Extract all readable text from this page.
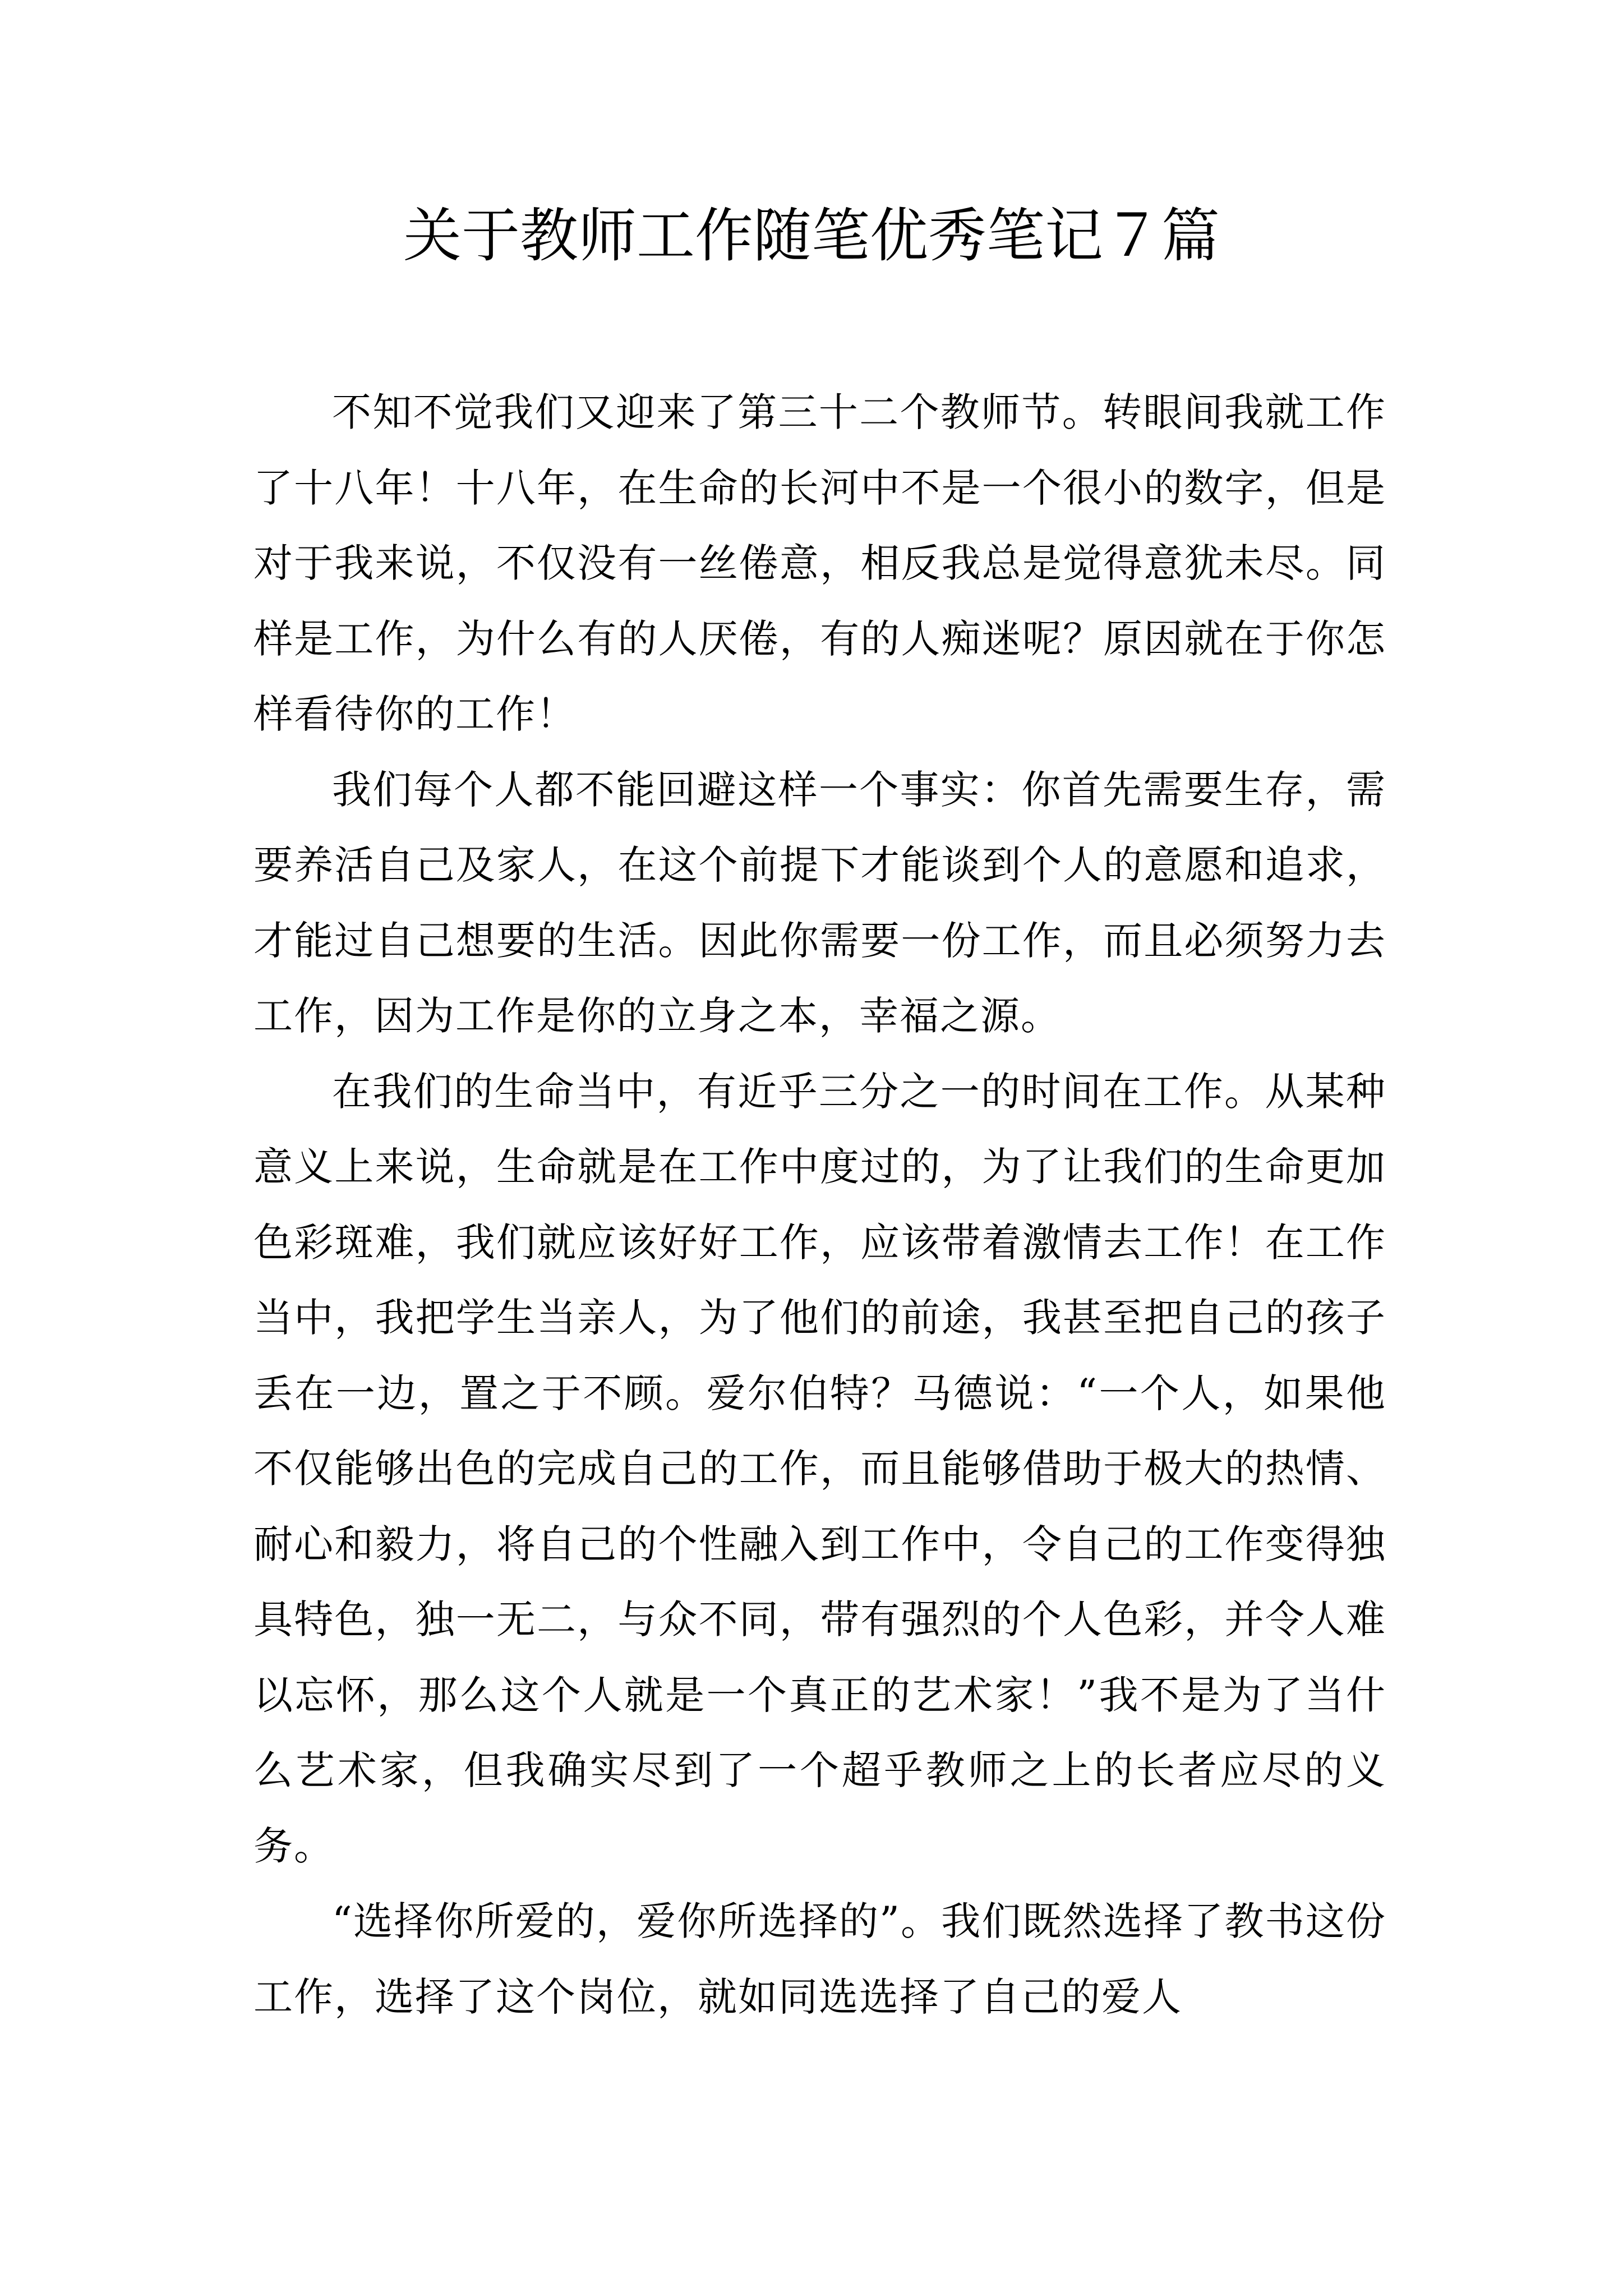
关于教师工作随笔优秀笔记７篇

不知不觉我们又迎来了第三十二个教师节。转眼间我就工作了十八年！十八年，在生命的长河中不是一个很小的数字，但是对于我来说，不仅没有一丝倦意，相反我总是觉得意犹未尽。同样是工作，为什么有的人厌倦，有的人痴迷呢？原因就在于你怎样看待你的工作！

我们每个人都不能回避这样一个事实：你首先需要生存，需要养活自己及家人，在这个前提下才能谈到个人的意愿和追求，才能过自己想要的生活。因此你需要一份工作，而且必须努力去工作，因为工作是你的立身之本，幸福之源。

在我们的生命当中，有近乎三分之一的时间在工作。从某种意义上来说，生命就是在工作中度过的，为了让我们的生命更加色彩斑难，我们就应该好好工作，应该带着激情去工作！在工作当中，我把学生当亲人，为了他们的前途，我甚至把自己的孩子丢在一边，置之于不顾。爱尔伯特？马德说：“一个人，如果他不仅能够出色的完成自己的工作，而且能够借助于极大的热情、耐心和毅力，将自己的个性融入到工作中，令自己的工作变得独具特色，独一无二，与众不同，带有强烈的个人色彩，并令人难以忘怀，那么这个人就是一个真正的艺术家！”我不是为了当什么艺术家，但我确实尽到了一个超乎教师之上的长者应尽的义务。

“选择你所爱的，爱你所选择的”。我们既然选择了教书这份工作，选择了这个岗位，就如同选选择了自己的爱人
